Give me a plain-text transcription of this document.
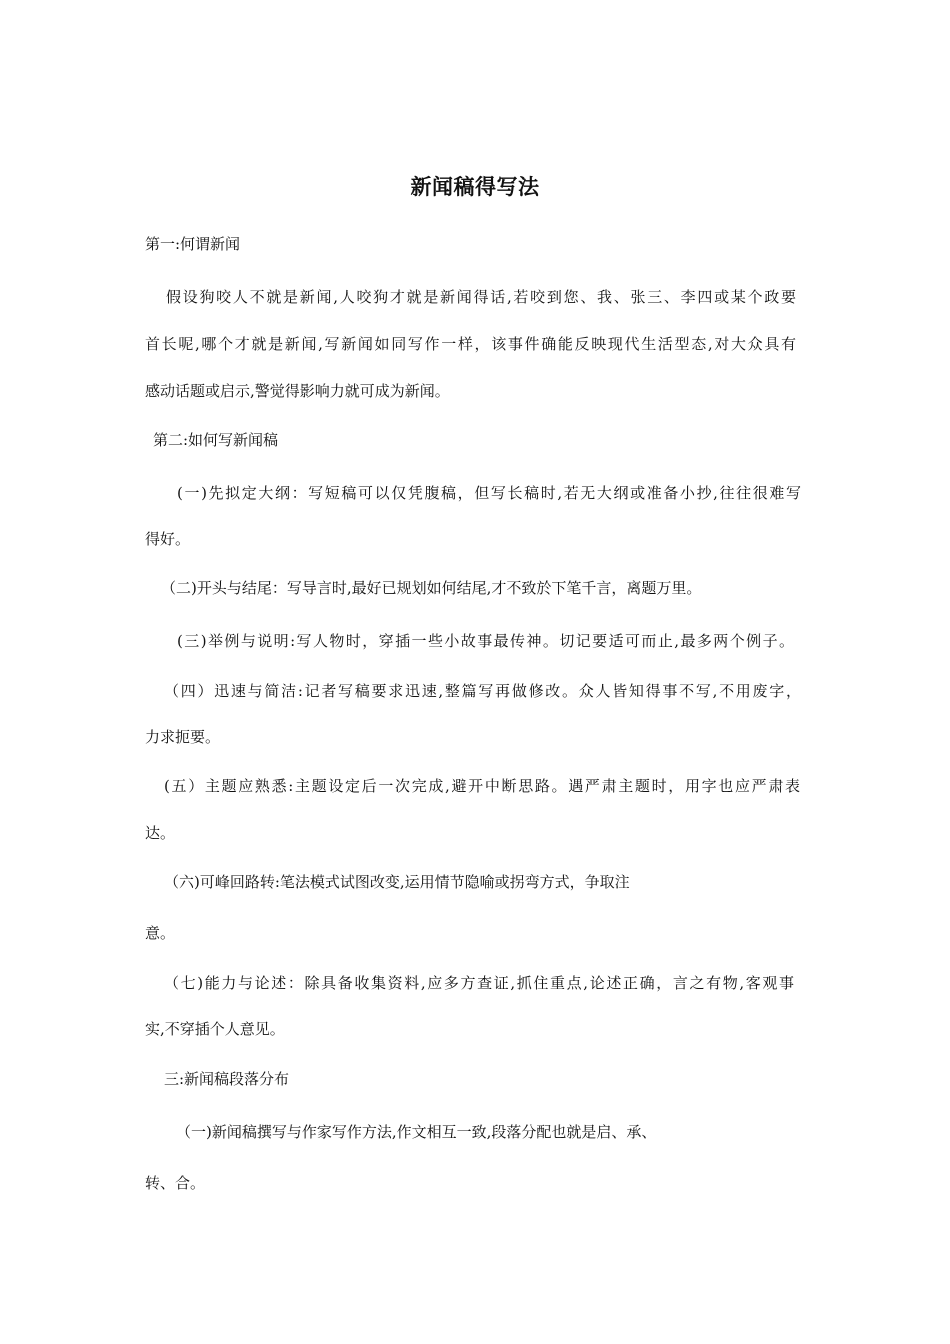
新闻稿得写法
第一:何谓新闻
假设狗咬人不就是新闻,人咬狗才就是新闻得话,若咬到您、我、张三、李四或某个政要
首长呢,哪个才就是新闻,写新闻如同写作一样，该事件确能反映现代生活型态,对大众具有
感动话题或启示,警觉得影响力就可成为新闻。
第二:如何写新闻稿
(一)先拟定大纲：写短稿可以仅凭腹稿，但写长稿时,若无大纲或准备小抄,往往很难写
得好。
（二)开头与结尾：写导言时,最好已规划如何结尾,才不致於下笔千言，离题万里。
(三)举例与说明:写人物时，穿插一些小故事最传神。切记要适可而止,最多两个例子。
（四）迅速与简洁:记者写稿要求迅速,整篇写再做修改。众人皆知得事不写,不用废字，
力求扼要。
(五）主题应熟悉:主题设定后一次完成,避开中断思路。遇严肃主题时，用字也应严肃表
达。
（六)可峰回路转:笔法模式试图改变,运用情节隐喻或拐弯方式，争取注
意。
（七)能力与论述：除具备收集资料,应多方查证,抓住重点,论述正确，言之有物,客观事
实,不穿插个人意见。
三:新闻稿段落分布
（一)新闻稿撰写与作家写作方法,作文相互一致,段落分配也就是启、承、
转、合。
